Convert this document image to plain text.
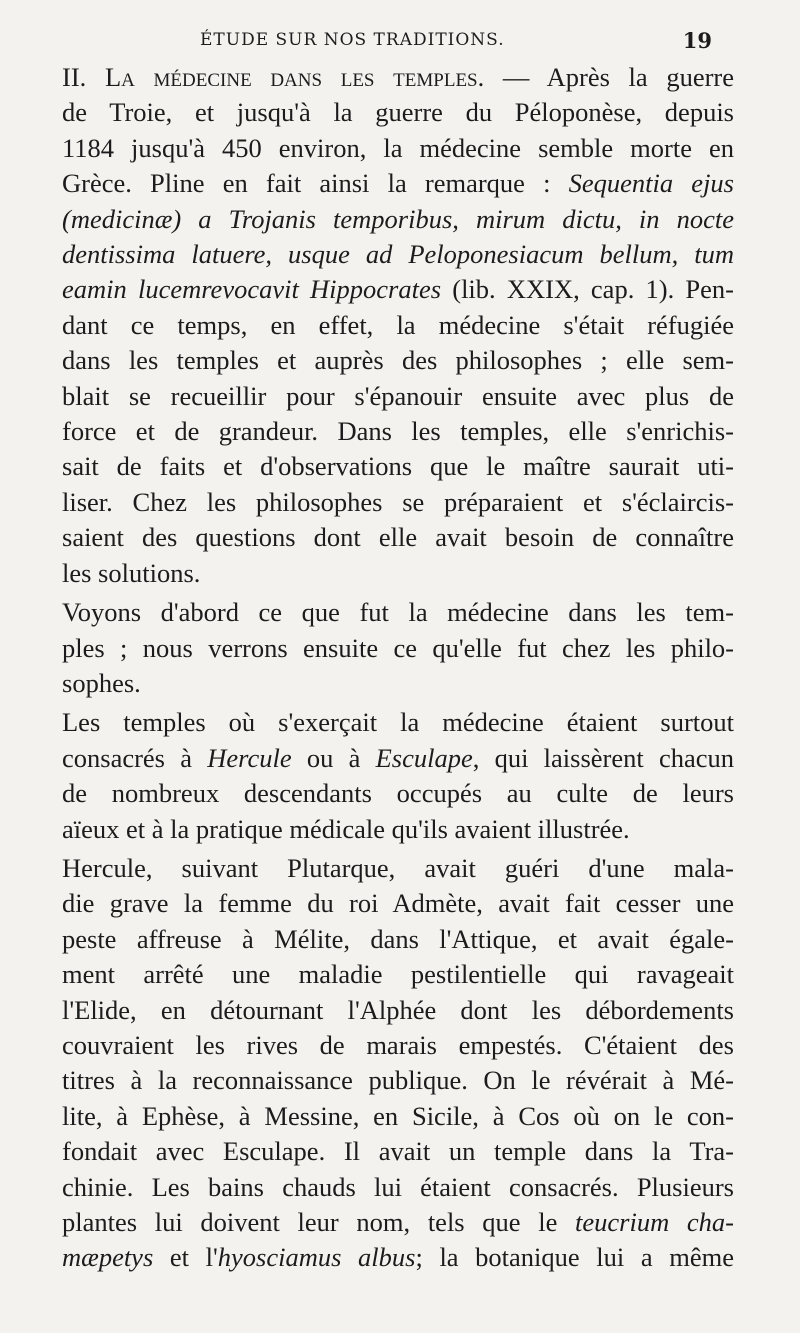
ÉTUDE SUR NOS TRADITIONS.	19

II. La médecine dans les temples. — Après la guerre
de Troie, et jusqu'à la guerre du Péloponèse, depuis
1184 jusqu'à 450 environ, la médecine semble morte en
Grèce. Pline en fait ainsi la remarque : Sequentia ejus
(medicinæ) a Trojanis temporibus, mirum dictu, in nocte
dentissima latuere, usque ad Peloponesiacum bellum, tum
eamin lucemrevocavit Hippocrates (lib. XXIX, cap. 1). Pen-
dant ce temps, en effet, la médecine s'était réfugiée
dans les temples et auprès des philosophes ; elle sem-
blait se recueillir pour s'épanouir ensuite avec plus de
force et de grandeur. Dans les temples, elle s'enrichis-
sait de faits et d'observations que le maître saurait uti-
liser. Chez les philosophes se préparaient et s'éclaircis-
saient des questions dont elle avait besoin de connaître
les solutions.

Voyons d'abord ce que fut la médecine dans les tem-
ples ; nous verrons ensuite ce qu'elle fut chez les philo-
sophes.

Les temples où s'exerçait la médecine étaient surtout
consacrés à Hercule ou à Esculape, qui laissèrent chacun
de nombreux descendants occupés au culte de leurs
aïeux et à la pratique médicale qu'ils avaient illustrée.

Hercule, suivant Plutarque, avait guéri d'une mala-
die grave la femme du roi Admète, avait fait cesser une
peste affreuse à Mélite, dans l'Attique, et avait égale-
ment arrêté une maladie pestilentielle qui ravageait
l'Elide, en détournant l'Alphée dont les débordements
couvraient les rives de marais empestés. C'étaient des
titres à la reconnaissance publique. On le révérait à Mé-
lite, à Ephèse, à Messine, en Sicile, à Cos où on le con-
fondait avec Esculape. Il avait un temple dans la Tra-
chinie. Les bains chauds lui étaient consacrés. Plusieurs
plantes lui doivent leur nom, tels que le teucrium cha-
mæpetys et l'hyosciamus albus; la botanique lui a même
